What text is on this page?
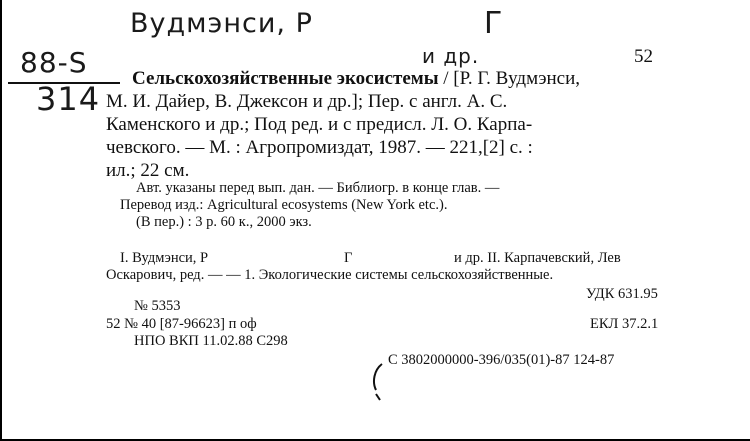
Вудмэнси, Р	Г
88-S
314
и др.	52
Сельскохозяйственные экосистемы / [Р. Г. Вудмэнси,
М. И. Дайер, В. Джексон и др.]; Пер. с англ. А. С.
Каменского и др.; Под ред. и с предисл. Л. О. Карпа-
чевского. — М. : Агропромиздат, 1987. — 221,[2] с. :
ил.; 22 см.
Авт. указаны перед вып. дан. — Библиогр. в конце глав. —
Перевод изд.: Agricultural ecosystems (New York etc.).
(В пер.) : 3 р. 60 к., 2000 экз.
I. Вудмэнси, Р	Г	и др. II. Карпачевский, Лев
Оскарович, ред. — — 1. Экологические системы сельскохозяйственные.
УДК 631.95
№ 5353
52 № 40 [87-96623] п оф	ЕКЛ 37.2.1
НПО ВКП 11.02.88 С298
С 3802000000-396/035(01)-87 124-87
